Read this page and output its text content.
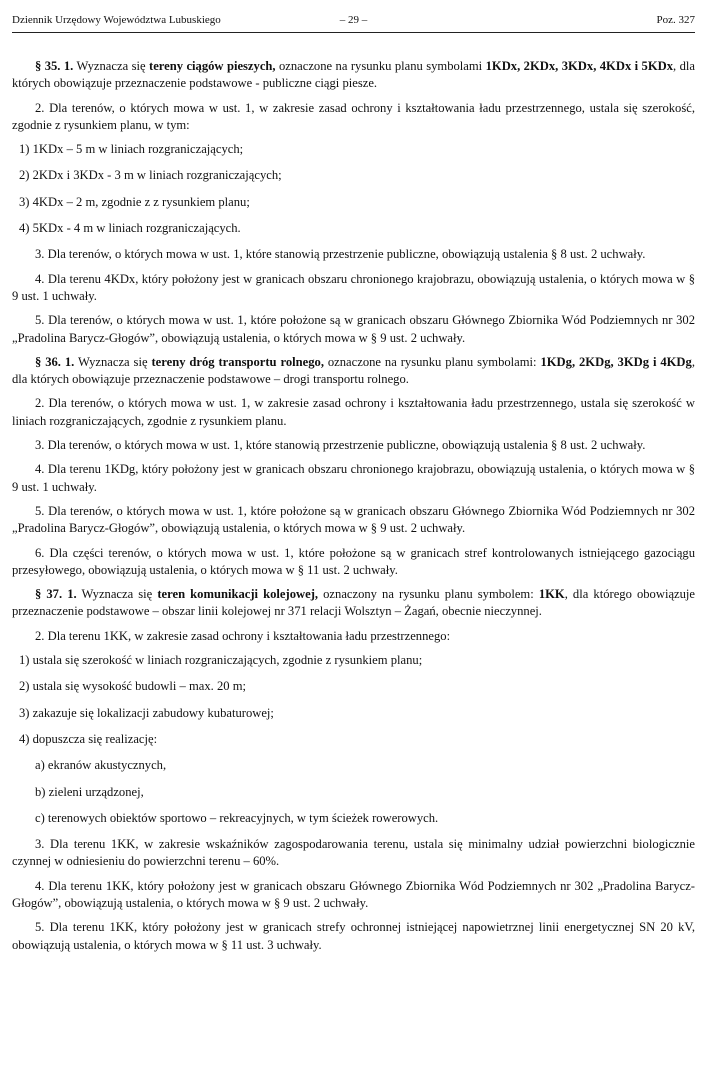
Dziennik Urzędowy Województwa Lubuskiego	– 29 –	Poz. 327

§ 35. 1. Wyznacza się tereny ciągów pieszych, oznaczone na rysunku planu symbolami 1KDx, 2KDx, 3KDx, 4KDx i 5KDx, dla których obowiązuje przeznaczenie podstawowe - publiczne ciągi piesze.

2. Dla terenów, o których mowa w ust. 1, w zakresie zasad ochrony i kształtowania ładu przestrzennego, ustala się szerokość, zgodnie z rysunkiem planu, w tym:

1) 1KDx – 5 m w liniach rozgraniczających;

2) 2KDx i 3KDx - 3 m w liniach rozgraniczających;

3) 4KDx – 2 m, zgodnie z z rysunkiem planu;

4) 5KDx - 4 m w liniach rozgraniczających.

3. Dla terenów, o których mowa w ust. 1, które stanowią przestrzenie publiczne, obowiązują ustalenia § 8 ust. 2 uchwały.

4. Dla terenu 4KDx, który położony jest w granicach obszaru chronionego krajobrazu, obowiązują ustalenia, o których mowa w § 9 ust. 1 uchwały.

5. Dla terenów, o których mowa w ust. 1, które położone są w granicach obszaru Głównego Zbiornika Wód Podziemnych nr 302 „Pradolina Barycz-Głogów”, obowiązują ustalenia, o których mowa w § 9 ust. 2 uchwały.

§ 36. 1. Wyznacza się tereny dróg transportu rolnego, oznaczone na rysunku planu symbolami: 1KDg, 2KDg, 3KDg i 4KDg, dla których obowiązuje przeznaczenie podstawowe – drogi transportu rolnego.

2. Dla terenów, o których mowa w ust. 1, w zakresie zasad ochrony i kształtowania ładu przestrzennego, ustala się szerokość w liniach rozgraniczających, zgodnie z rysunkiem planu.

3. Dla terenów, o których mowa w ust. 1, które stanowią przestrzenie publiczne, obowiązują ustalenia § 8 ust. 2 uchwały.

4. Dla terenu 1KDg, który położony jest w granicach obszaru chronionego krajobrazu, obowiązują ustalenia, o których mowa w § 9 ust. 1 uchwały.

5. Dla terenów, o których mowa w ust. 1, które położone są w granicach obszaru Głównego Zbiornika Wód Podziemnych nr 302 „Pradolina Barycz-Głogów”, obowiązują ustalenia, o których mowa w § 9 ust. 2 uchwały.

6. Dla części terenów, o których mowa w ust. 1, które położone są w granicach stref kontrolowanych istniejącego gazociągu przesyłowego, obowiązują ustalenia, o których mowa w § 11 ust. 2 uchwały.

§ 37. 1. Wyznacza się teren komunikacji kolejowej, oznaczony na rysunku planu symbolem: 1KK, dla którego obowiązuje przeznaczenie podstawowe – obszar linii kolejowej nr 371 relacji Wolsztyn – Żagań, obecnie nieczynnej.

2. Dla terenu 1KK, w zakresie zasad ochrony i kształtowania ładu przestrzennego:

1) ustala się szerokość w liniach rozgraniczających, zgodnie z rysunkiem planu;

2) ustala się wysokość budowli – max. 20 m;

3) zakazuje się lokalizacji zabudowy kubaturowej;

4) dopuszcza się realizację:

a) ekranów akustycznych,

b) zieleni urządzonej,

c) terenowych obiektów sportowo – rekreacyjnych, w tym ścieżek rowerowych.

3. Dla terenu 1KK, w zakresie wskaźników zagospodarowania terenu, ustala się minimalny udział powierzchni biologicznie czynnej w odniesieniu do powierzchni terenu – 60%.

4. Dla terenu 1KK, który położony jest w granicach obszaru Głównego Zbiornika Wód Podziemnych nr 302 „Pradolina Barycz-Głogów”, obowiązują ustalenia, o których mowa w § 9 ust. 2 uchwały.

5. Dla terenu 1KK, który położony jest w granicach strefy ochronnej istniejącej napowietrznej linii energetycznej SN 20 kV, obowiązują ustalenia, o których mowa w § 11 ust. 3 uchwały.
